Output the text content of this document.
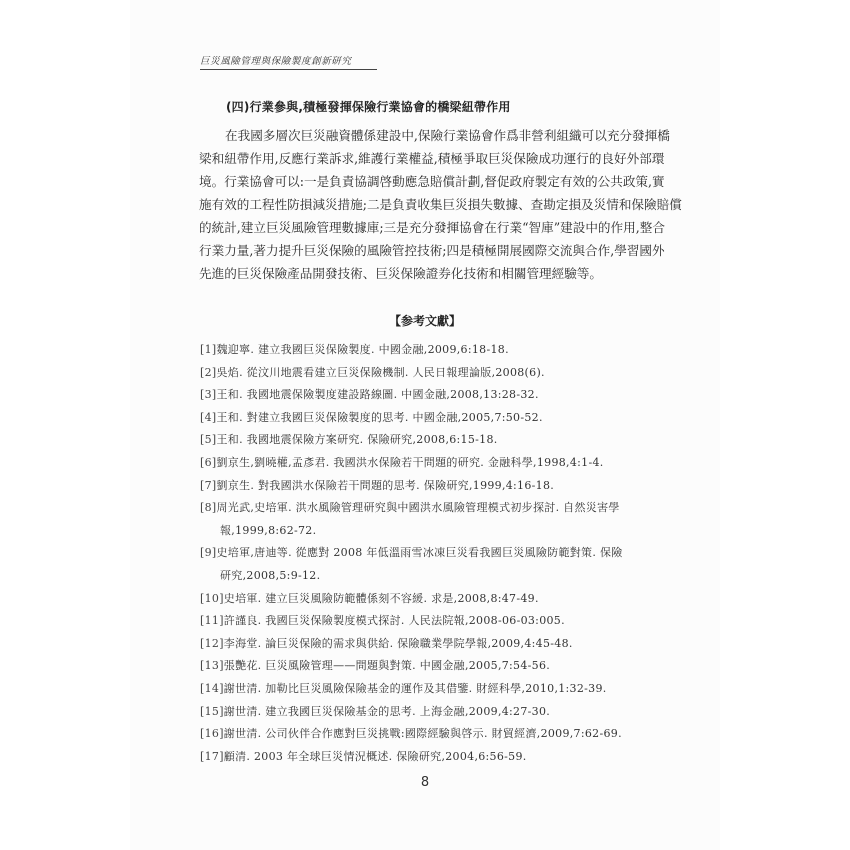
巨災風險管理與保險製度創新研究
(四)行業參與,積極發揮保險行業協會的橋梁紐帶作用
在我國多層次巨災融資體係建設中,保險行業協會作爲非營利組織可以充分發揮橋
梁和紐帶作用,反應行業訴求,維護行業權益,積極爭取巨災保險成功運行的良好外部環
境。行業協會可以:一是負責協調啓動應急賠償計劃,督促政府製定有效的公共政策,實
施有效的工程性防損減災措施;二是負責收集巨災損失數據、查勘定損及災情和保險賠償
的統計,建立巨災風險管理數據庫;三是充分發揮協會在行業“智庫”建設中的作用,整合
行業力量,著力提升巨災保險的風險管控技術;四是積極開展國際交流與合作,學習國外
先進的巨災保險產品開發技術、巨災保險證券化技術和相關管理經驗等。
【参考文獻】
[1]魏迎寧. 建立我國巨災保險製度. 中國金融,2009,6:18-18.
[2]吳焰. 從汶川地震看建立巨災保險機制. 人民日報理論版,2008(6).
[3]王和. 我國地震保險製度建設路線圖. 中國金融,2008,13:28-32.
[4]王和. 對建立我國巨災保險製度的思考. 中國金融,2005,7:50-52.
[5]王和. 我國地震保險方案研究. 保險研究,2008,6:15-18.
[6]劉京生,劉曉權,孟彥君. 我國洪水保險若干問題的研究. 金融科學,1998,4:1-4.
[7]劉京生. 對我國洪水保險若干問題的思考. 保險研究,1999,4:16-18.
[8]周光武,史培軍. 洪水風險管理研究與中國洪水風險管理模式初步探討. 自然災害學
報,1999,8:62-72.
[9]史培軍,唐迪等. 從應對 2008 年低溫雨雪冰凍巨災看我國巨災風險防範對策. 保險
研究,2008,5:9-12.
[10]史培軍. 建立巨災風險防範體係刻不容緩. 求是,2008,8:47-49.
[11]許謹良. 我國巨災保險製度模式探討. 人民法院報,2008-06-03:005.
[12]李海堂. 論巨災保險的需求與供給. 保險職業學院學報,2009,4:45-48.
[13]張艷花. 巨災風險管理——問題與對策. 中國金融,2005,7:54-56.
[14]謝世清. 加勒比巨災風險保險基金的運作及其借鑒. 財經科學,2010,1:32-39.
[15]謝世清. 建立我國巨災保險基金的思考. 上海金融,2009,4:27-30.
[16]謝世清. 公司伙伴合作應對巨災挑戰:國際經驗與啓示. 財貿經濟,2009,7:62-69.
[17]顧清. 2003 年全球巨災情況概述. 保險研究,2004,6:56-59.
8
